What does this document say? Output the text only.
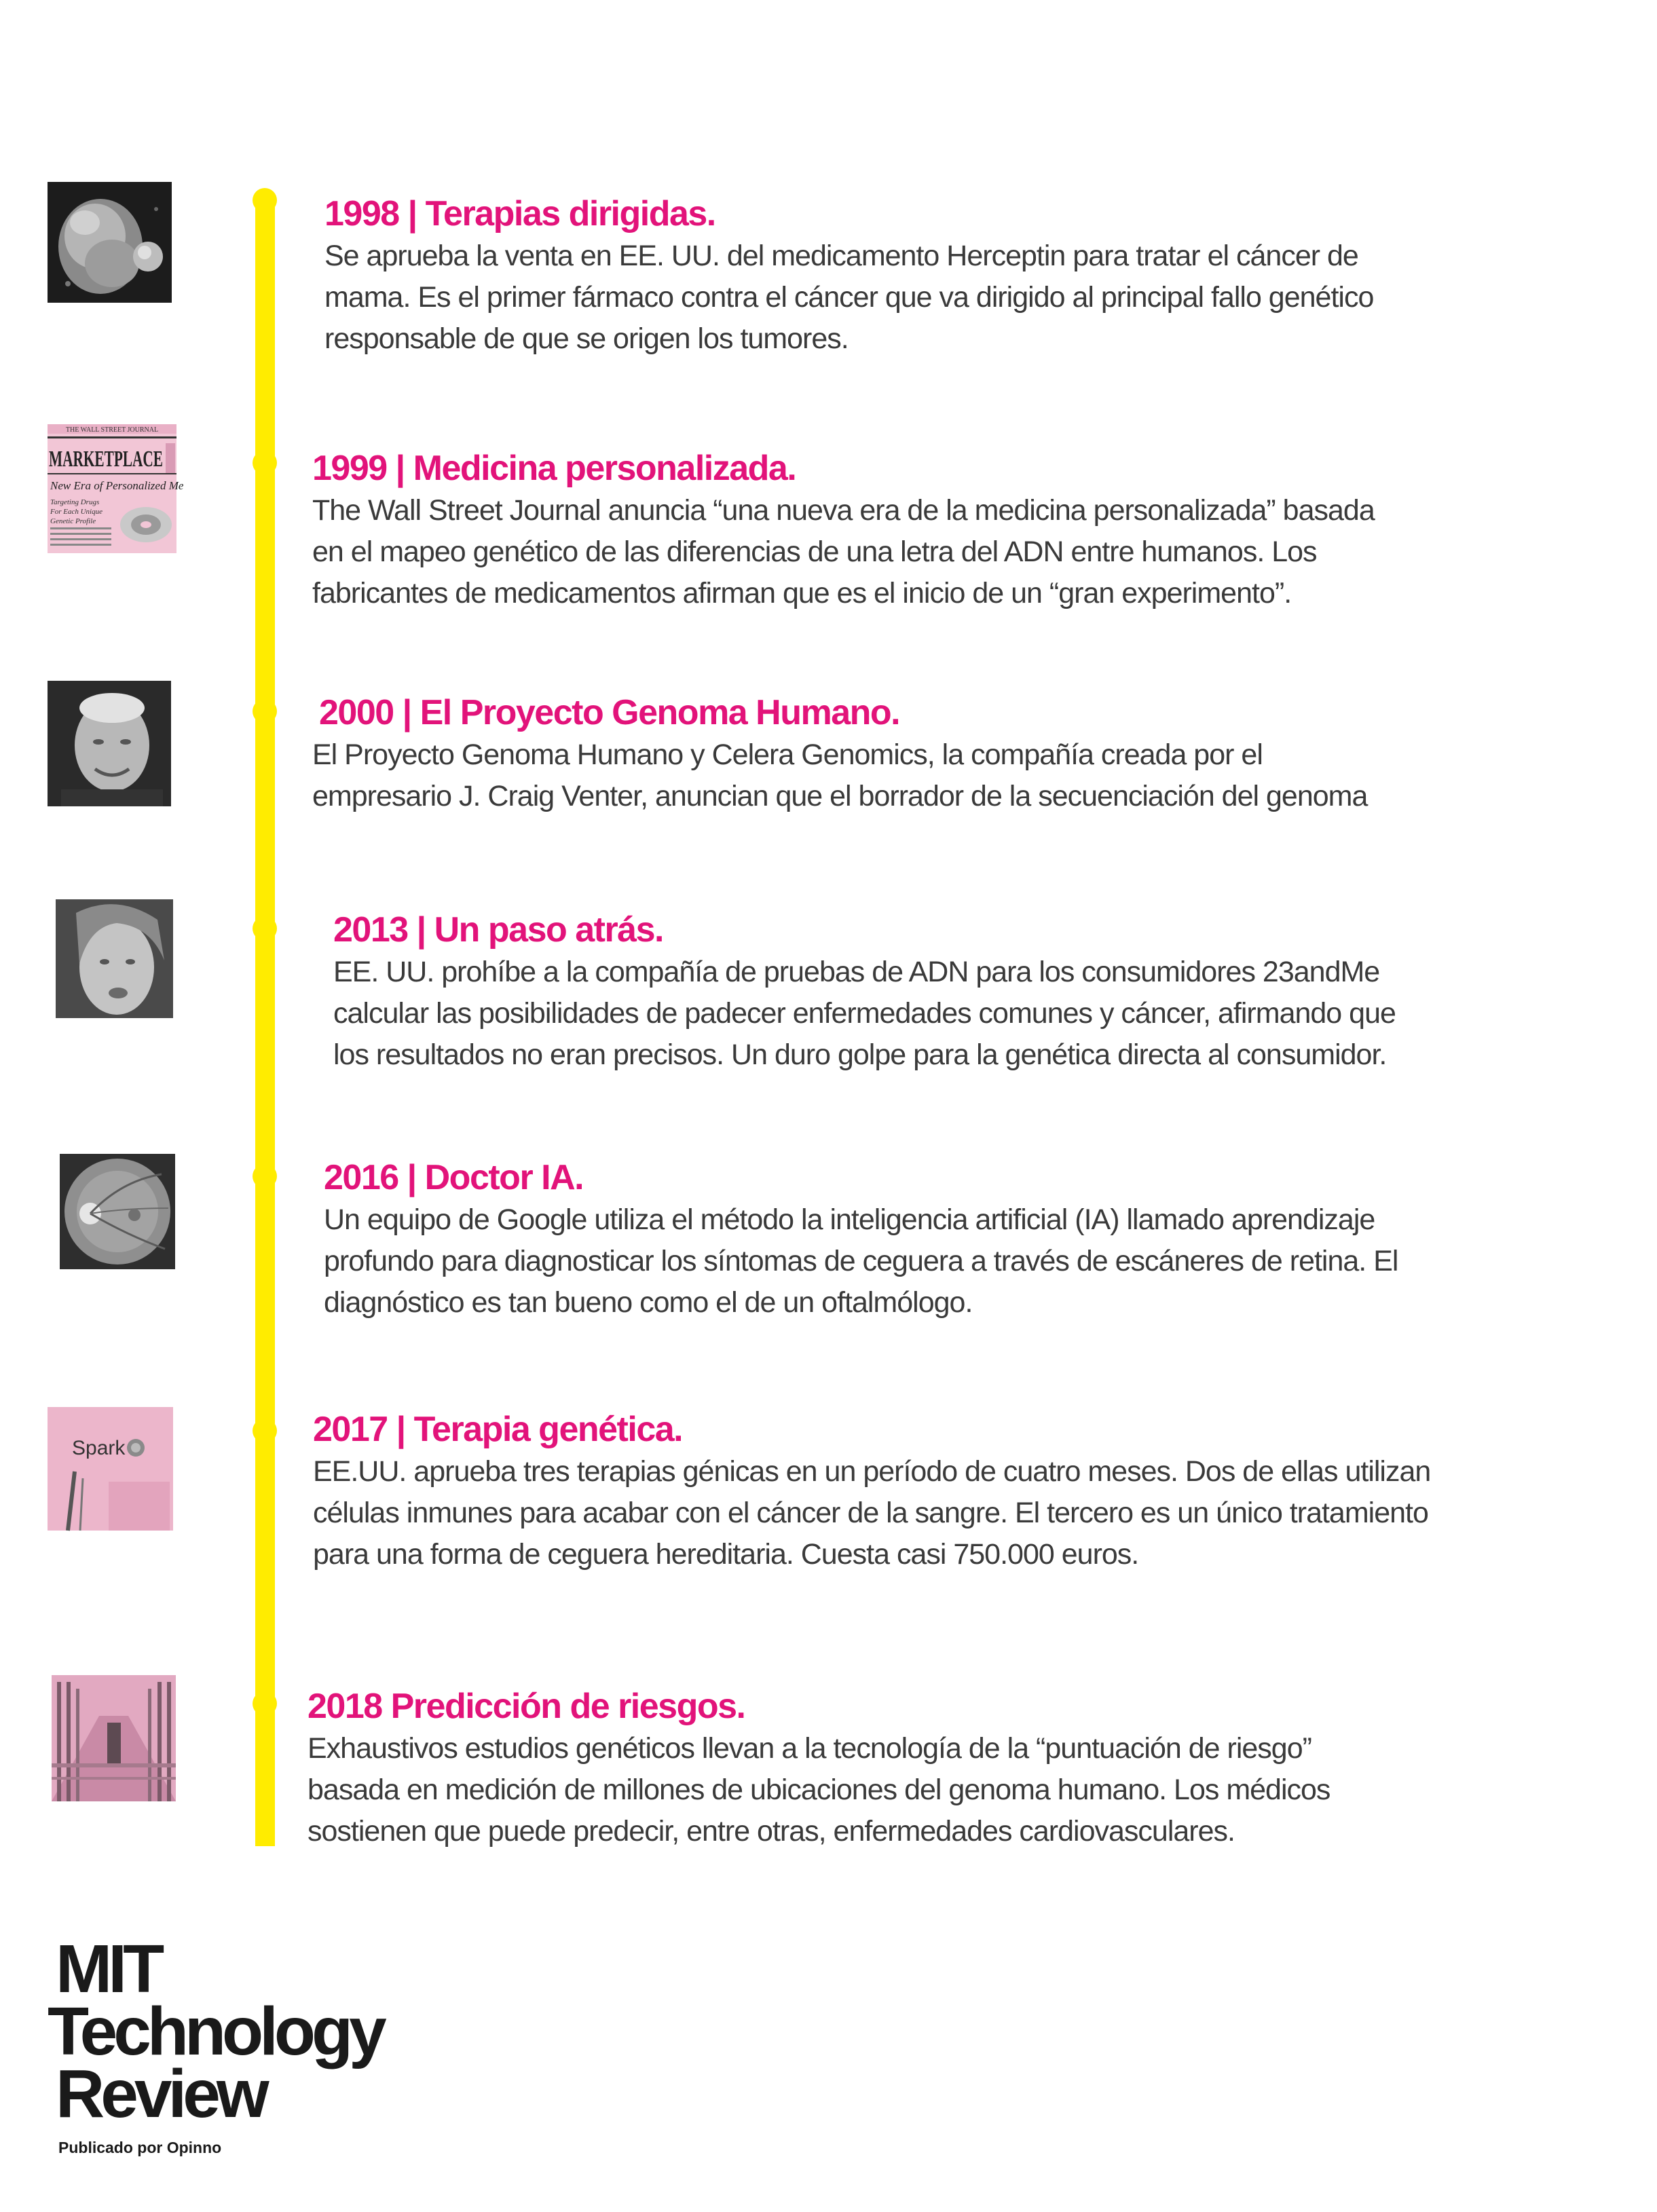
1998 | Terapias dirigidas.

Se aprueba la venta en EE. UU. del medicamento Herceptin para tratar el cáncer de
mama. Es el primer fármaco contra el cáncer que va dirigido al principal fallo genético
responsable de que se origen los tumores.

THE WALL STREET JOURNAL
MARKETPLACE
New Era of Personalized Me
Targeting Drugs
For Each Unique
Genetic Profile

1999 | Medicina personalizada.

The Wall Street Journal anuncia “una nueva era de la medicina personalizada” basada
en el mapeo genético de las diferencias de una letra del ADN entre humanos. Los
fabricantes de medicamentos afirman que es el inicio de un “gran experimento”.

2000 | El Proyecto Genoma Humano.

El Proyecto Genoma Humano y Celera Genomics, la compañía creada por el
empresario J. Craig Venter, anuncian que el borrador de la secuenciación del genoma

2013 | Un paso atrás.

EE. UU. prohíbe a la compañía de pruebas de ADN para los consumidores 23andMe
calcular las posibilidades de padecer enfermedades comunes y cáncer, afirmando que
los resultados no eran precisos. Un duro golpe para la genética directa al consumidor.

2016 | Doctor IA.

Un equipo de Google utiliza el método la inteligencia artificial (IA) llamado aprendizaje
profundo para diagnosticar los síntomas de ceguera a través de escáneres de retina. El
diagnóstico es tan bueno como el de un oftalmólogo.

Spark	2017 | Terapia genética.

EE.UU. aprueba tres terapias génicas en un período de cuatro meses. Dos de ellas utilizan
células inmunes para acabar con el cáncer de la sangre. El tercero es un único tratamiento
para una forma de ceguera hereditaria. Cuesta casi 750.000 euros.

2018 Predicción de riesgos.

Exhaustivos estudios genéticos llevan a la tecnología de la “puntuación de riesgo”
basada en medición de millones de ubicaciones del genoma humano. Los médicos
sostienen que puede predecir, entre otras, enfermedades cardiovasculares.

MIT
Technology
Review
Publicado por Opinno
